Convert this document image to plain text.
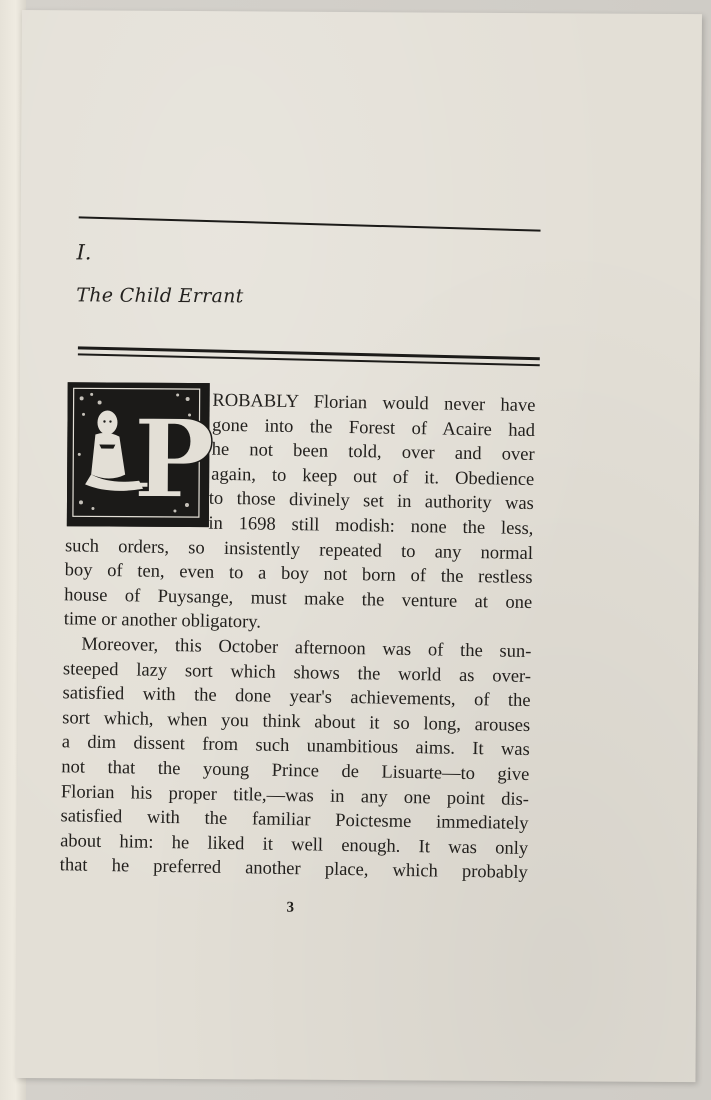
I.
The Child Errant
P
ROBABLY Florian would never have
gone into the Forest of Acaire had
he not been told, over and over
again, to keep out of it. Obedience
to those divinely set in authority was
in 1698 still modish: none the less,
such orders, so insistently repeated to any normal
boy of ten, even to a boy not born of the restless
house of Puysange, must make the venture at one
time or another obligatory.
Moreover, this October afternoon was of the sun-
steeped lazy sort which shows the world as over-
satisfied with the done year's achievements, of the
sort which, when you think about it so long, arouses
a dim dissent from such unambitious aims. It was
not that the young Prince de Lisuarte—to give
Florian his proper title,—was in any one point dis-
satisfied with the familiar Poictesme immediately
about him: he liked it well enough. It was only
that he preferred another place, which probably
3
